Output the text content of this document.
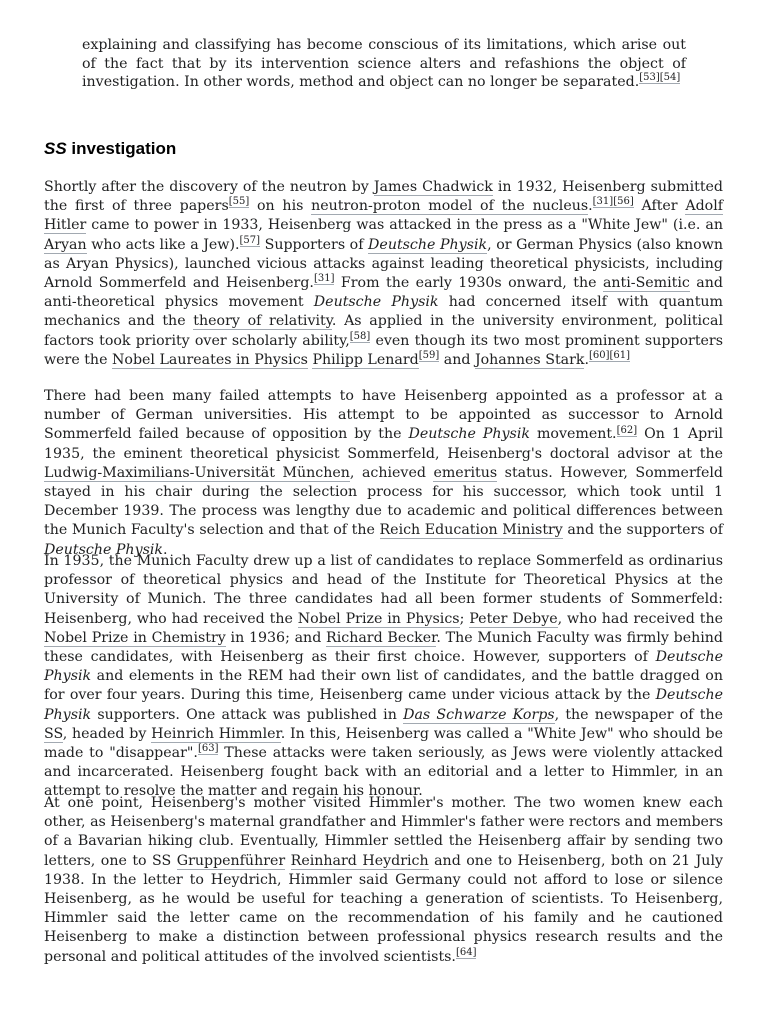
explaining and classifying has become conscious of its limitations, which arise out of the fact that by its intervention science alters and refashions the object of investigation. In other words, method and object can no longer be separated.[53][54]
SS investigation

Shortly after the discovery of the neutron by James Chadwick in 1932, Heisenberg submitted the first of three papers[55] on his neutron-proton model of the nucleus.[31][56] After Adolf Hitler came to power in 1933, Heisenberg was attacked in the press as a "White Jew" (i.e. an Aryan who acts like a Jew).[57] Supporters of Deutsche Physik, or German Physics (also known as Aryan Physics), launched vicious attacks against leading theoretical physicists, including Arnold Sommerfeld and Heisenberg.[31] From the early 1930s onward, the anti-Semitic and anti-theoretical physics movement Deutsche Physik had concerned itself with quantum mechanics and the theory of relativity. As applied in the university environment, political factors took priority over scholarly ability,[58] even though its two most prominent supporters were the Nobel Laureates in Physics Philipp Lenard[59] and Johannes Stark.[60][61]

There had been many failed attempts to have Heisenberg appointed as a professor at a number of German universities. His attempt to be appointed as successor to Arnold Sommerfeld failed because of opposition by the Deutsche Physik movement.[62] On 1 April 1935, the eminent theoretical physicist Sommerfeld, Heisenberg's doctoral advisor at the Ludwig-Maximilians-Universität München, achieved emeritus status. However, Sommerfeld stayed in his chair during the selection process for his successor, which took until 1 December 1939. The process was lengthy due to academic and political differences between the Munich Faculty's selection and that of the Reich Education Ministry and the supporters of Deutsche Physik.

In 1935, the Munich Faculty drew up a list of candidates to replace Sommerfeld as ordinarius professor of theoretical physics and head of the Institute for Theoretical Physics at the University of Munich. The three candidates had all been former students of Sommerfeld: Heisenberg, who had received the Nobel Prize in Physics; Peter Debye, who had received the Nobel Prize in Chemistry in 1936; and Richard Becker. The Munich Faculty was firmly behind these candidates, with Heisenberg as their first choice. However, supporters of Deutsche Physik and elements in the REM had their own list of candidates, and the battle dragged on for over four years. During this time, Heisenberg came under vicious attack by the Deutsche Physik supporters. One attack was published in Das Schwarze Korps, the newspaper of the SS, headed by Heinrich Himmler. In this, Heisenberg was called a "White Jew" who should be made to "disappear".[63] These attacks were taken seriously, as Jews were violently attacked and incarcerated. Heisenberg fought back with an editorial and a letter to Himmler, in an attempt to resolve the matter and regain his honour.

At one point, Heisenberg's mother visited Himmler's mother. The two women knew each other, as Heisenberg's maternal grandfather and Himmler's father were rectors and members of a Bavarian hiking club. Eventually, Himmler settled the Heisenberg affair by sending two letters, one to SS Gruppenführer Reinhard Heydrich and one to Heisenberg, both on 21 July 1938. In the letter to Heydrich, Himmler said Germany could not afford to lose or silence Heisenberg, as he would be useful for teaching a generation of scientists. To Heisenberg, Himmler said the letter came on the recommendation of his family and he cautioned Heisenberg to make a distinction between professional physics research results and the personal and political attitudes of the involved scientists.[64]
